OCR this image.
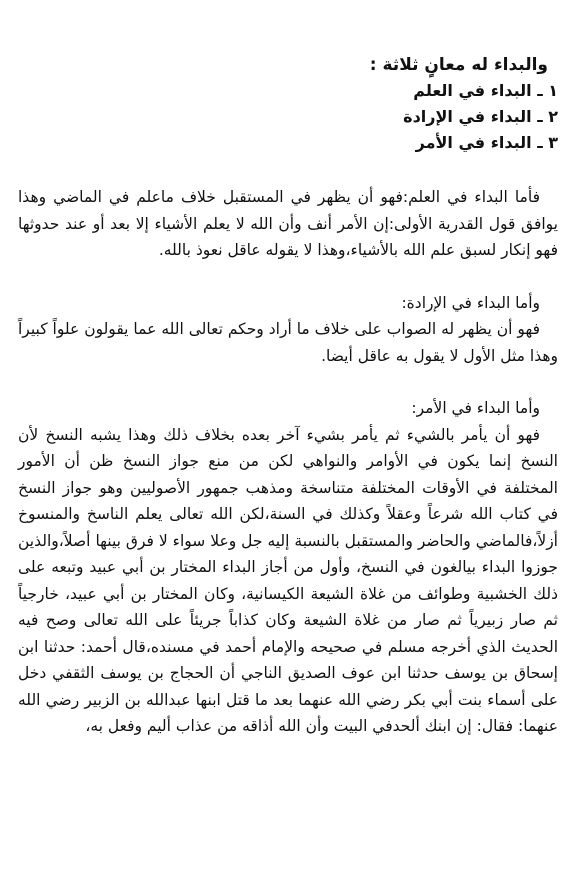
والبداء له معانٍ ثلاثة :
١ ـ البداء في العلم
٢ ـ البداء في الإرادة
٣ ـ البداء في الأمر

فأما البداء في العلم:فهو أن يظهر في المستقبل خلاف ماعلم في الماضي وهذا يوافق قول القدرية الأولى:إن الأمر أنف وأن الله لا يعلم الأشياء إلا بعد أو عند حدوثها فهو إنكار لسبق علم الله بالأشياء،وهذا لا يقوله عاقل نعوذ بالله.

وأما البداء في الإرادة:

فهو أن يظهر له الصواب على خلاف ما أراد وحكم تعالى الله عما يقولون علواً كبيراً وهذا مثل الأول لا يقول به عاقل أيضا.

وأما البداء في الأمر:

فهو أن يأمر بالشيء ثم يأمر بشيء آخر بعده بخلاف ذلك وهذا يشبه النسخ لأن النسخ إنما يكون في الأوامر والنواهي لكن من منع جواز النسخ ظن أن الأمور المختلفة في الأوقات المختلفة متناسخة ومذهب جمهور الأصوليين وهو جواز النسخ في كتاب الله شرعاً وعقلاً وكذلك في السنة،لكن الله تعالى يعلم الناسخ والمنسوخ أزلاً،فالماضي والحاضر والمستقبل بالنسبة إليه جل وعلا سواء لا فرق بينها أصلاً،والذين جوزوا البداء بيالغون في النسخ، وأول من أجاز البداء المختار بن أبي عبيد وتبعه على ذلك الخشبية وطوائف من غلاة الشيعة الكيسانية، وكان المختار بن أبي عبيد، خارجياً ثم صار زبيرياً ثم صار من غلاة الشيعة وكان كذاباً جريئاً على الله تعالى وصح فيه الحديث الذي أخرجه مسلم في صحيحه والإمام أحمد في مسنده،قال أحمد: حدثنا ابن إسحاق بن يوسف حدثنا ابن عوف الصديق الناجي أن الحجاج بن يوسف الثقفي دخل على أسماء بنت أبي بكر رضي الله عنهما بعد ما قتل ابنها عبدالله بن الزبير رضي الله عنهما: فقال: إن ابنك ألحدفي البيت وأن الله أذاقه من عذاب أليم وفعل به،
